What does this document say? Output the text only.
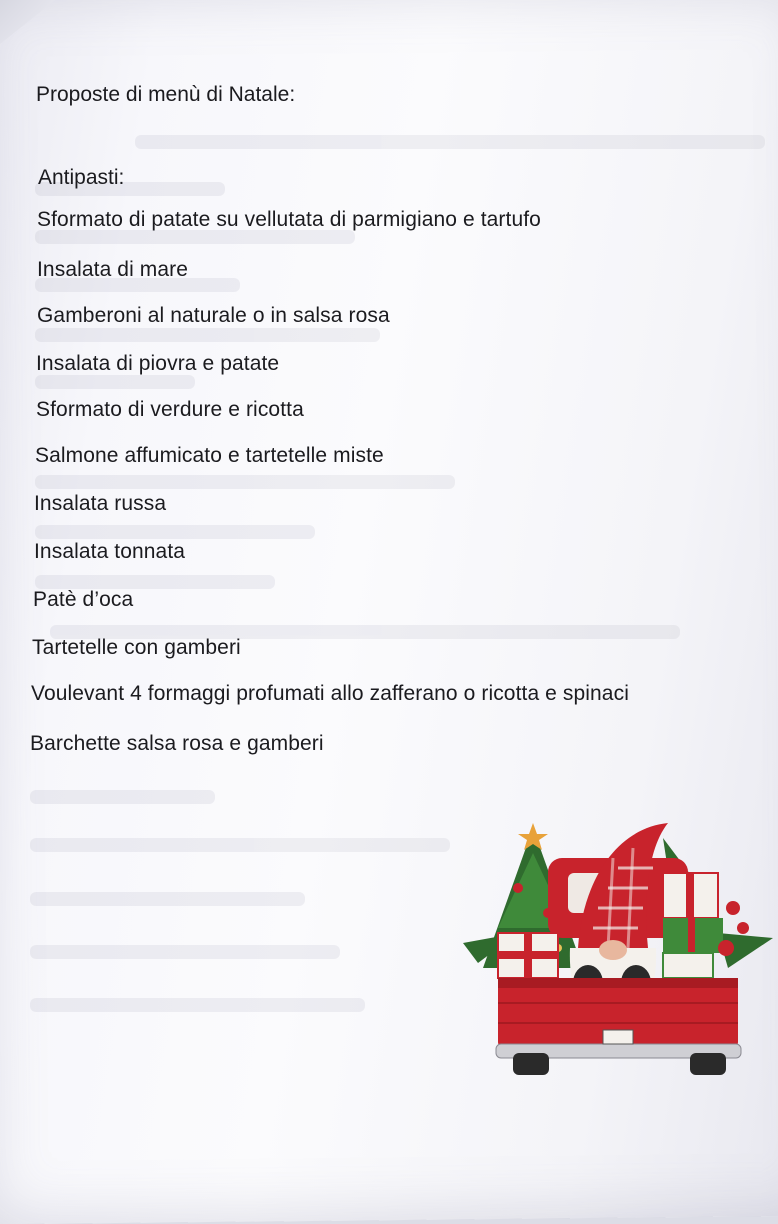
Proposte di menù di Natale:
Antipasti:
Sformato di patate su vellutata di parmigiano e tartufo
Insalata di mare
Gamberoni al naturale o in salsa rosa
Insalata di piovra e patate
Sformato di verdure e ricotta
Salmone affumicato e tartetelle miste
Insalata russa
Insalata tonnata
Patè d’oca
Tartetelle con gamberi
Voulevant 4 formaggi profumati allo zafferano o ricotta e spinaci
Barchette salsa rosa e gamberi
